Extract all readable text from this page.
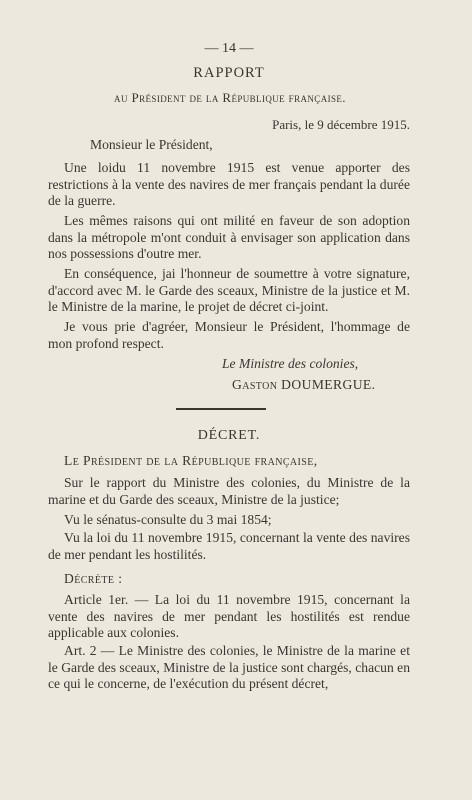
— 14 —
RAPPORT
au Président de la République française.
Paris, le 9 décembre 1915.
Monsieur le Président,

Une loidu 11 novembre 1915 est venue apporter des restrictions à la vente des navires de mer français pendant la durée de la guerre.

Les mêmes raisons qui ont milité en faveur de son adoption dans la métropole m'ont conduit à envisager son application dans nos possessions d'outre mer.

En conséquence, jai l'honneur de soumettre à votre signature, d'accord avec M. le Garde des sceaux, Ministre de la justice et M. le Ministre de la marine, le projet de décret ci-joint.

Je vous prie d'agréer, Monsieur le Président, l'hommage de mon profond respect.

Le Ministre des colonies,
Gaston DOUMERGUE.
DÉCRET.
Le Président de la République française,

Sur le rapport du Ministre des colonies, du Ministre de la marine et du Garde des sceaux, Ministre de la justice;

Vu le sénatus-consulte du 3 mai 1854;

Vu la loi du 11 novembre 1915, concernant la vente des navires de mer pendant les hostilités.

Décrète :

Article 1er. — La loi du 11 novembre 1915, concernant la vente des navires de mer pendant les hostilités est rendue applicable aux colonies.

Art. 2 — Le Ministre des colonies, le Ministre de la marine et le Garde des sceaux, Ministre de la justice sont chargés, chacun en ce qui le concerne, de l'exécution du présent décret,
